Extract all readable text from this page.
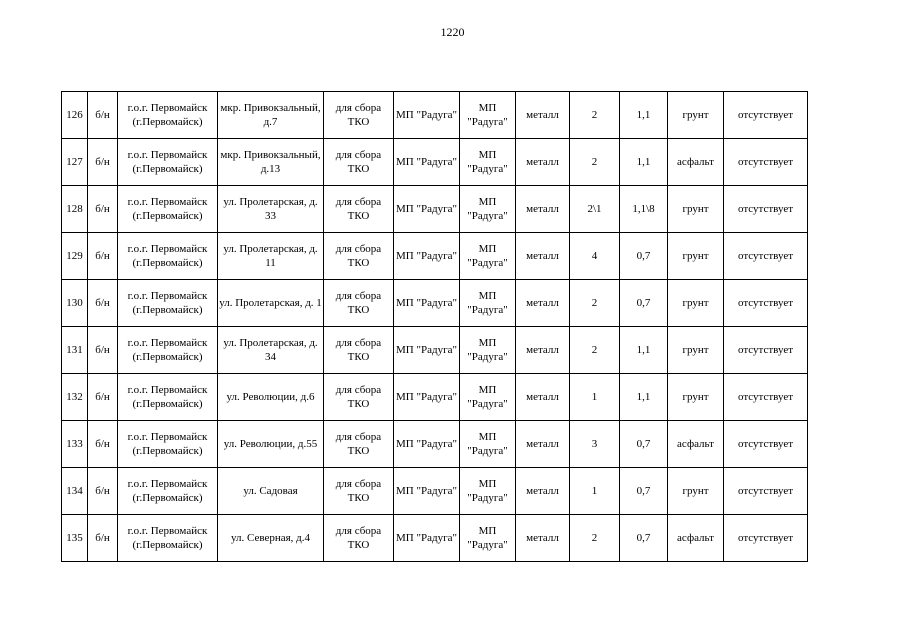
1220
126	б/н	г.о.г. Первомайск (г.Первомайск)	мкр. Привокзальный, д.7	для сбора ТКО	МП "Радуга"	МП "Радуга"	металл	2	1,1	грунт	отсутствует
127	б/н	г.о.г. Первомайск (г.Первомайск)	мкр. Привокзальный, д.13	для сбора ТКО	МП "Радуга"	МП "Радуга"	металл	2	1,1	асфальт	отсутствует
128	б/н	г.о.г. Первомайск (г.Первомайск)	ул. Пролетарская, д. 33	для сбора ТКО	МП "Радуга"	МП "Радуга"	металл	2\1	1,1\8	грунт	отсутствует
129	б/н	г.о.г. Первомайск (г.Первомайск)	ул. Пролетарская, д. 11	для сбора ТКО	МП "Радуга"	МП "Радуга"	металл	4	0,7	грунт	отсутствует
130	б/н	г.о.г. Первомайск (г.Первомайск)	ул. Пролетарская, д. 1	для сбора ТКО	МП "Радуга"	МП "Радуга"	металл	2	0,7	грунт	отсутствует
131	б/н	г.о.г. Первомайск (г.Первомайск)	ул. Пролетарская, д. 34	для сбора ТКО	МП "Радуга"	МП "Радуга"	металл	2	1,1	грунт	отсутствует
132	б/н	г.о.г. Первомайск (г.Первомайск)	ул. Революции, д.6	для сбора ТКО	МП "Радуга"	МП "Радуга"	металл	1	1,1	грунт	отсутствует
133	б/н	г.о.г. Первомайск (г.Первомайск)	ул. Революции, д.55	для сбора ТКО	МП "Радуга"	МП "Радуга"	металл	3	0,7	асфальт	отсутствует
134	б/н	г.о.г. Первомайск (г.Первомайск)	ул. Садовая	для сбора ТКО	МП "Радуга"	МП "Радуга"	металл	1	0,7	грунт	отсутствует
135	б/н	г.о.г. Первомайск (г.Первомайск)	ул. Северная, д.4	для сбора ТКО	МП "Радуга"	МП "Радуга"	металл	2	0,7	асфальт	отсутствует
